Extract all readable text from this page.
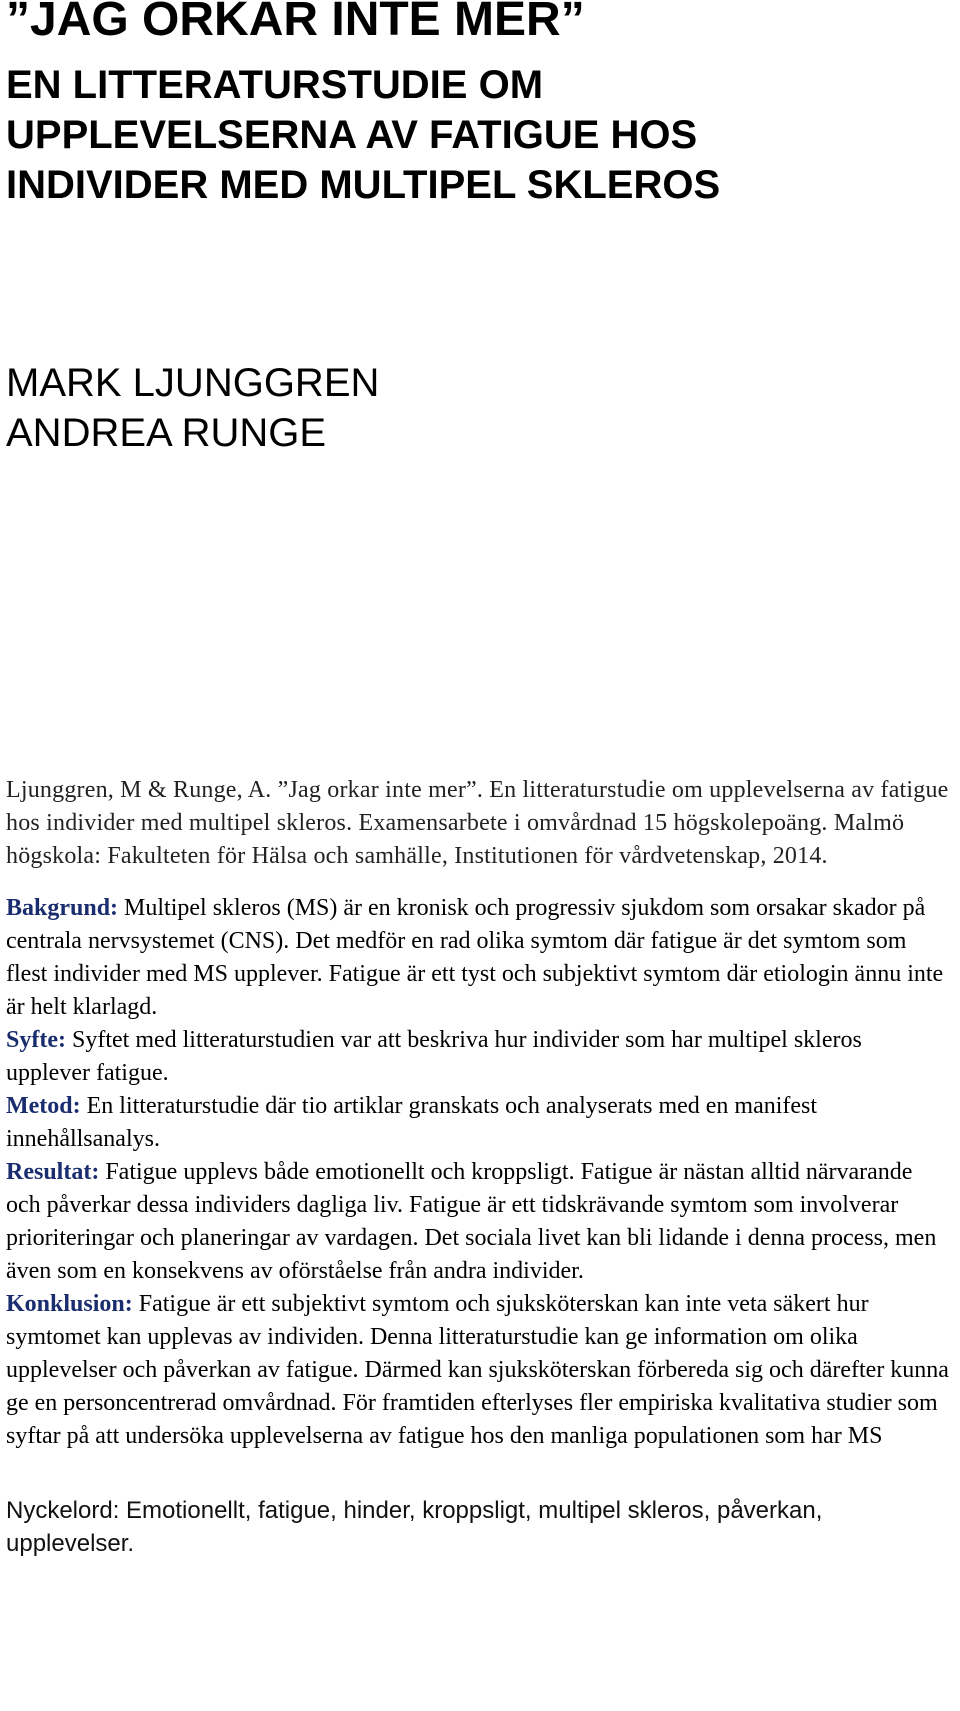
”JAG ORKAR INTE MER”
EN LITTERATURSTUDIE OM
UPPLEVELSERNA AV FATIGUE HOS
INDIVIDER MED MULTIPEL SKLEROS
MARK LJUNGGREN
ANDREA RUNGE

Ljunggren, M & Runge, A. ”Jag orkar inte mer”. En litteraturstudie om upplevelserna av fatigue hos individer med multipel skleros. Examensarbete i omvårdnad 15 högskolepoäng. Malmö högskola: Fakulteten för Hälsa och samhälle, Institutionen för vårdvetenskap, 2014.

Bakgrund: Multipel skleros (MS) är en kronisk och progressiv sjukdom som orsakar skador på centrala nervsystemet (CNS). Det medför en rad olika symtom där fatigue är det symtom som flest individer med MS upplever. Fatigue är ett tyst och subjektivt symtom där etiologin ännu inte är helt klarlagd.

Syfte: Syftet med litteraturstudien var att beskriva hur individer som har multipel skleros upplever fatigue.

Metod: En litteraturstudie där tio artiklar granskats och analyserats med en manifest innehållsanalys.

Resultat: Fatigue upplevs både emotionellt och kroppsligt. Fatigue är nästan alltid närvarande och påverkar dessa individers dagliga liv. Fatigue är ett tidskrävande symtom som involverar prioriteringar och planeringar av vardagen. Det sociala livet kan bli lidande i denna process, men även som en konsekvens av oförståelse från andra individer.

Konklusion: Fatigue är ett subjektivt symtom och sjuksköterskan kan inte veta säkert hur symtomet kan upplevas av individen. Denna litteraturstudie kan ge information om olika upplevelser och påverkan av fatigue. Därmed kan sjuksköterskan förbereda sig och därefter kunna ge en personcentrerad omvårdnad. För framtiden efterlyses fler empiriska kvalitativa studier som syftar på att undersöka upplevelserna av fatigue hos den manliga populationen som har MS

Nyckelord: Emotionellt, fatigue, hinder, kroppsligt, multipel skleros, påverkan, upplevelser.
